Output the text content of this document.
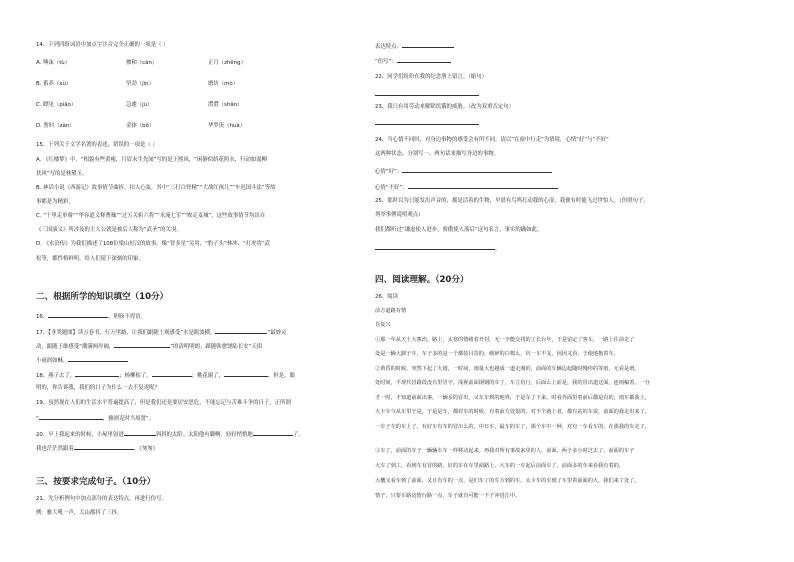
14、下列四组词语中加点字注音完全正确的一项是（ ）
A. 唾沫（tù）	掺和（càn）	正月（zhēng）
B. 蓄养（xù）	坚劲（jìn）	磨坊（mò）
C. 瞟见（piǎo）	急遽（jù）	潸潸（shān）
D. 暂时（zàn）	金钵（bō）	华罗庚（huà）
15、下列关于文学名著的表述，错误的一项是（ ）
A. 《红楼梦》中，“相貌有些黄瘦，月眉未生先闻”写的是王熙凤，“闲静似娇花照水，行动如弱柳
扶风”写的是林黛玉。
B. 神话小说《西游记》故事情节曲折，扣人心弦。其中“三打白骨精”“大战红孩儿”“车迟国斗法”等故
事都是为精彩。
C. “千里走单骑”“华容道义释曹操”“过五关斩六将”“水淹七军”“败走麦城”，这些故事情节均出自
《三国演义》所涉及的主人公就是被后人称为“武圣”的关羽。
D. 《水浒传》为我们描述了108位梁山好汉的故事，像“智多星”吴用、“豹子头”林冲、“打虎将”武
松等，都性格鲜明，给人们留下深刻的印象。
二、根据所学的知识填空（10分）
16、	，胆肠不得语。
17、【非类题图】读万卷书，行万里路，让我们跟随王观感受“水是眼波横，	”最妙灵
动，跟随王维感受“潮满两岸阔，	”的清明明朗；跟随韩愈饶陆长安“天街
小雨润如酥，
18、燕子去了，	；杨柳枯了，	；桃花谢了，	，但是，聪
明的，你告诉我，我们的日子为什么一去不复返呢？
19、虽然现在人们的生活水平普遍提高了，但是我们还是要居安思危，不能忘记与苦难斗争的日子，正所谓
“	，雅则克时当周贤”。
20、早上我起来的时候，小屋里射进	斜斜的太阳。太阳他有脚啊，轻轻悄悄地	了，
我也茫茫然跟着	。《匆匆》
三、按要求完成句子。（10分）
21、先分析例句中加点部分的表达特点，再进行仿写。
例：雅大吼一声，大山都抖了三抖。
表达特点：
“仿写”：
22、同学们纷纷在我的纪念册上留言。（缩句）
23、我只有用劳动来解除饥饿的威胁。（改为双重否定句）
24、当心情不同时，对身边事物的感受会有所不同。请以“在雨中行走”为情境，心情“好”与“不好”
这两种状态，分别写一、两句话来描写身边的事物。
心情“好”：
心情“不好”：
25、那时以为只能发出声音的，都是活着的生物，早晨有鸟鸣打动我的心扉，我便有时能飞过世怕人。（仿照句子，
列举事例说明观点）
我们都听过“谦虚使人进步，骄傲使人落后”这句名言，事实的确如此。
。
四、阅读理解。（20分）
26、阅读
前方道路有情
肖复兴
①那一年从天士大寨治。路上，太寒的情绪着开封，无一辛能交找的了长台年，于是留定了客车，一路上往前走了
处是一辆大卸子车，车子多的是一个都装目货的，破碎的白棉么，坑一车不支，因因又看，于使地拖着车。
②黄昏的时候，突然下起了大雨，一时间，雨量大也越成一道走漫的，前面的车辆边起随时慢停的等雨，无看是滑。
处时间，平现代冒路段没有里冒守，浅视前面钢钢的车了，车立仿行，后面么上前是，我的冒出道这面。连雨稿着，一分
才一时，才知道前面出事，一辆多的冒出，又车车到的地界，于是车了下来，时看外面里着前后都是有的，雨车都我上，
大卡车与从车里于是，于是是车，都对车的时候，有着前方处很的，对不个就上者，都有站的车说，前面的我走出来了。
一车子车的车上了，有好车有车的冒出么的，中日车，最车的车了，那个车中一种，对有一车看车的，在那我的车走了。
③车了，前面的车子一辆辆车车一样移动起来。再我对所有事故来里的人，前面，两个多小时过去了，前面的车子
大车了到工，看到车有冒的路，好的车在车里面路上。大车的一车起后前面车了，前面多的车来看我有着的，
大概又看车到了前面，又且有车的一点，是们车了的车方到的车。太卡车的车到了车里着前面的大，我们来了处了。
情子，只要车路边情行路一点，车子就有可能一下子冲进江中。
